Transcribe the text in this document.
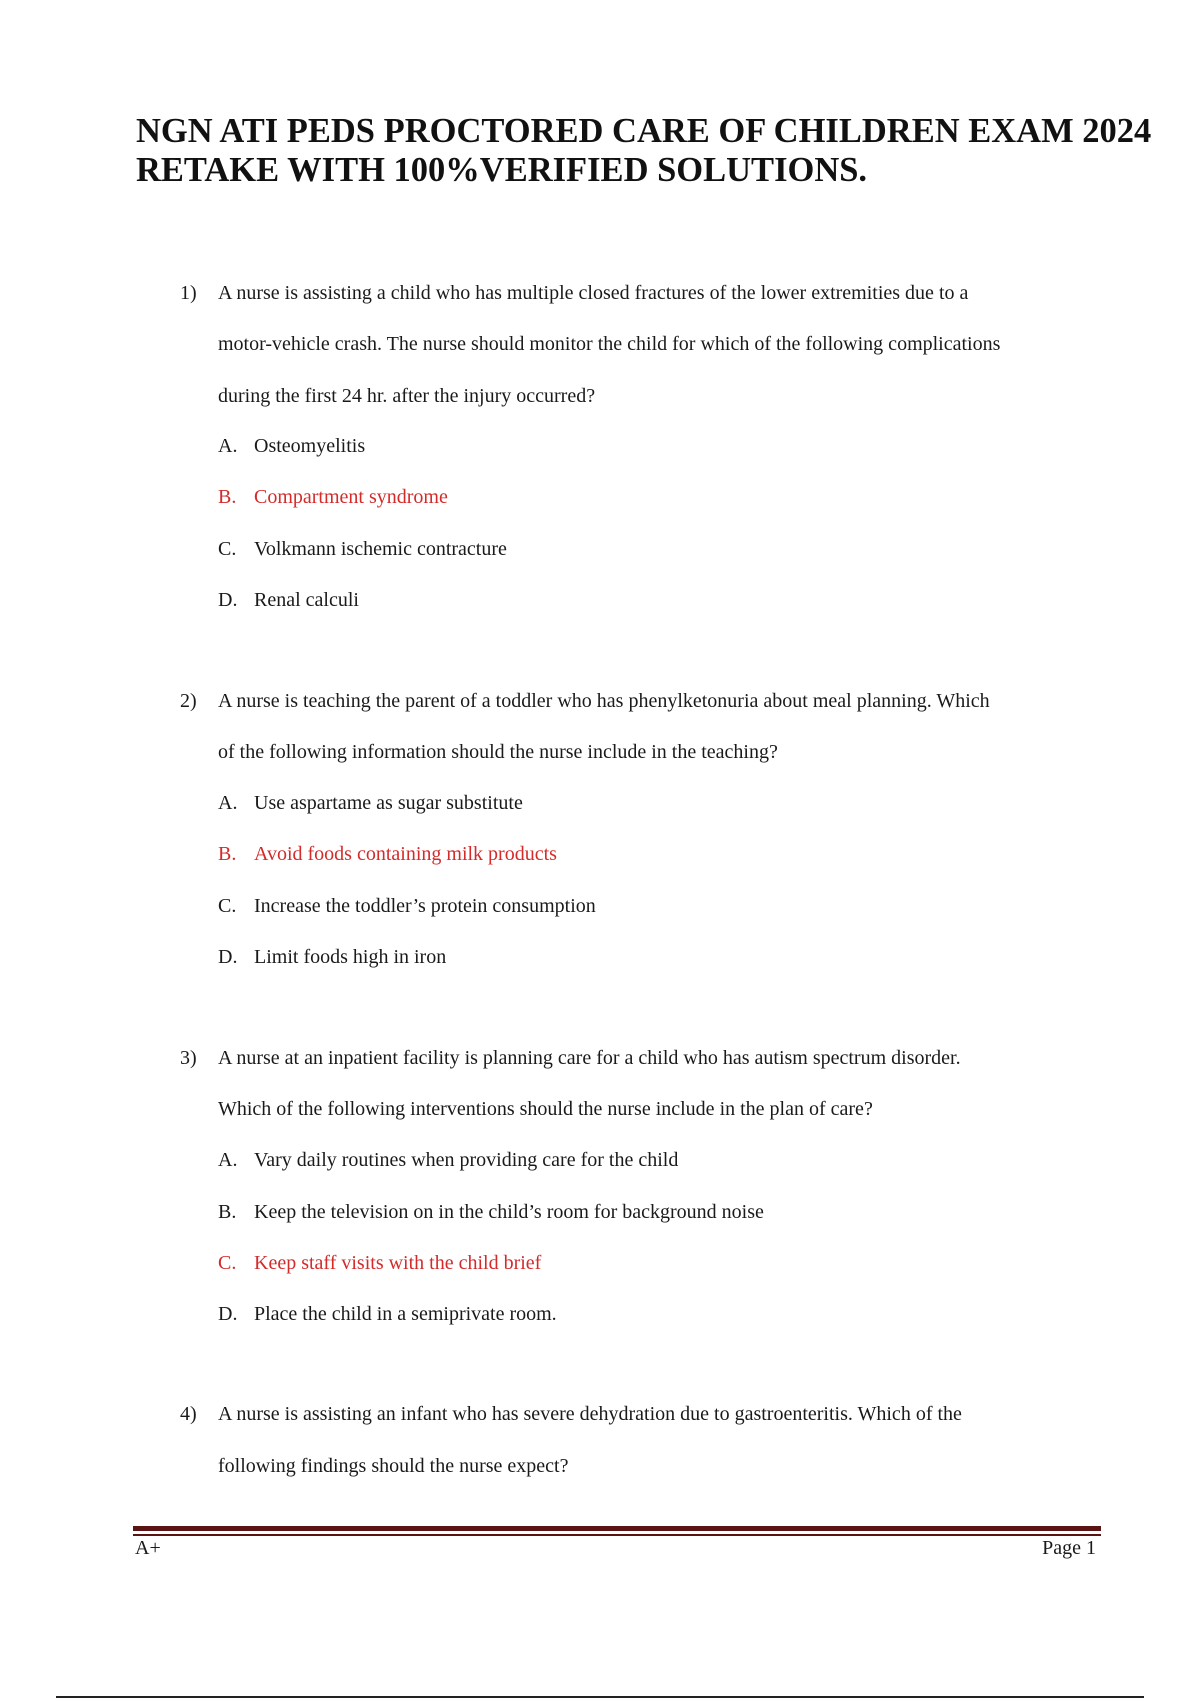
NGN ATI PEDS PROCTORED CARE OF CHILDREN EXAM 2024
RETAKE WITH 100%VERIFIED SOLUTIONS.
1) A nurse is assisting a child who has multiple closed fractures of the lower extremities due to a
motor-vehicle crash. The nurse should monitor the child for which of the following complications
during the first 24 hr. after the injury occurred?
A. Osteomyelitis
B. Compartment syndrome
C. Volkmann ischemic contracture
D. Renal calculi
2) A nurse is teaching the parent of a toddler who has phenylketonuria about meal planning. Which
of the following information should the nurse include in the teaching?
A. Use aspartame as sugar substitute
B. Avoid foods containing milk products
C. Increase the toddler’s protein consumption
D. Limit foods high in iron
3) A nurse at an inpatient facility is planning care for a child who has autism spectrum disorder.
Which of the following interventions should the nurse include in the plan of care?
A. Vary daily routines when providing care for the child
B. Keep the television on in the child’s room for background noise
C. Keep staff visits with the child brief
D. Place the child in a semiprivate room.
4) A nurse is assisting an infant who has severe dehydration due to gastroenteritis. Which of the
following findings should the nurse expect?
A+	Page 1
